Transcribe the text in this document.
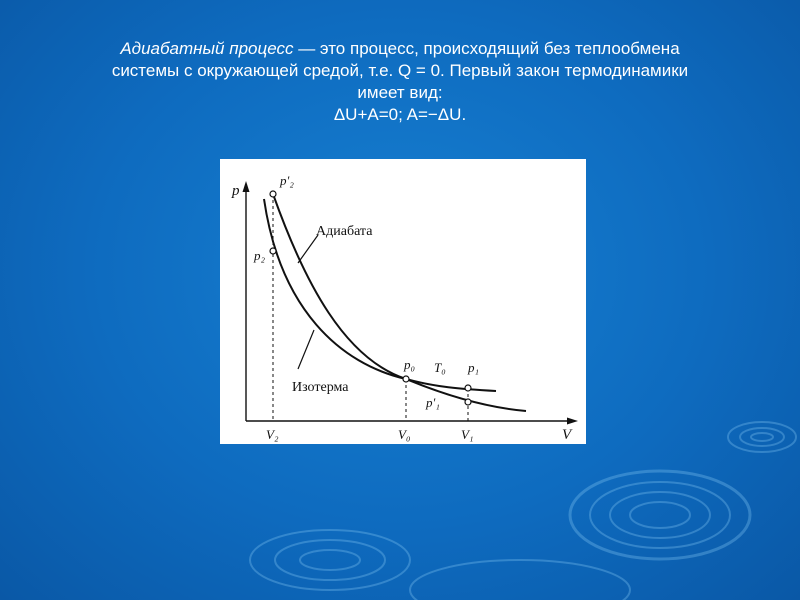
Адиабатный процесс — это процесс, происходящий без теплообмена
системы с окружающей средой, т.е. Q = 0. Первый закон термодинамики
имеет вид:
ΔU+A=0; A=−ΔU.
p
V
Адиабата
Изотерма
p′₂
p₂
p₀ T₀ p₁
p′₁
V₂	V₀	V₁
